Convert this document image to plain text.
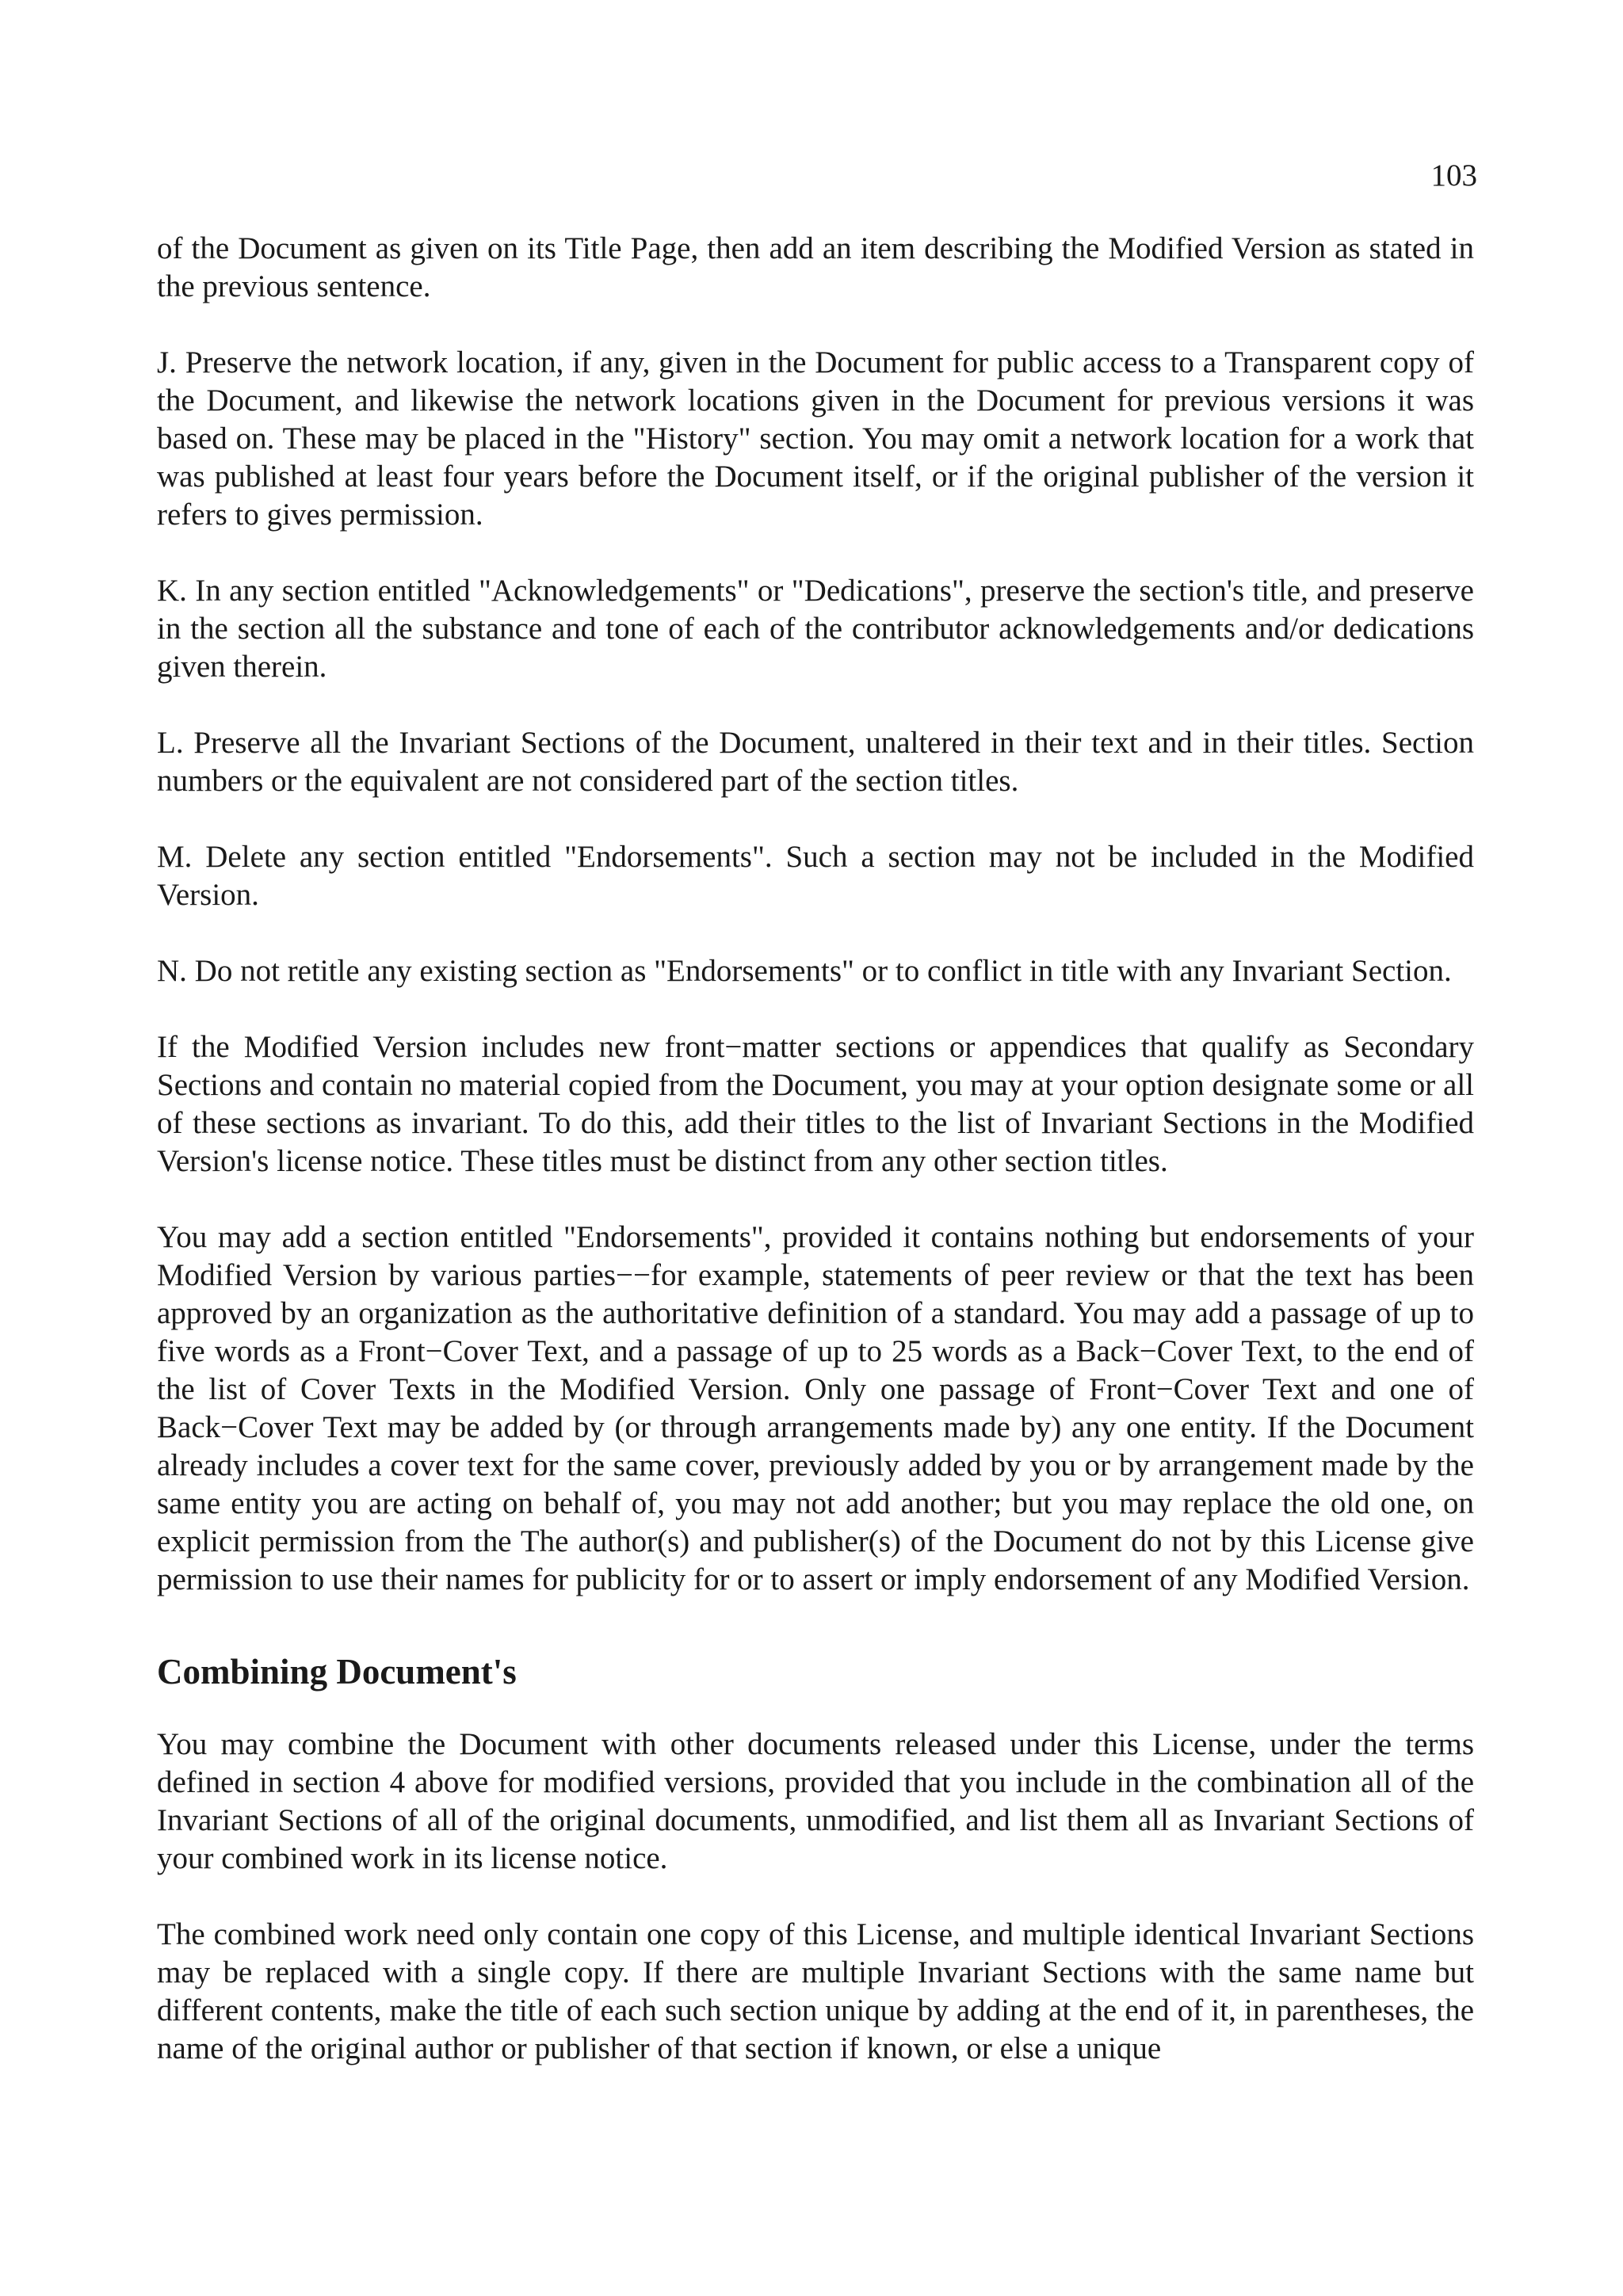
103

of the Document as given on its Title Page, then add an item describing the Modified Version as stated in the previous sentence.

J. Preserve the network location, if any, given in the Document for public access to a Transparent copy of the Document, and likewise the network locations given in the Document for previous versions it was based on. These may be placed in the "History" section. You may omit a network location for a work that was published at least four years before the Document itself, or if the original publisher of the version it refers to gives permission.

K. In any section entitled "Acknowledgements" or "Dedications", preserve the section's title, and preserve in the section all the substance and tone of each of the contributor acknowledgements and/or dedications given therein.

L. Preserve all the Invariant Sections of the Document, unaltered in their text and in their titles. Section numbers or the equivalent are not considered part of the section titles.

M. Delete any section entitled "Endorsements". Such a section may not be included in the Modified Version.

N. Do not retitle any existing section as "Endorsements" or to conflict in title with any Invariant Section.

If the Modified Version includes new front−matter sections or appendices that qualify as Secondary Sections and contain no material copied from the Document, you may at your option designate some or all of these sections as invariant. To do this, add their titles to the list of Invariant Sections in the Modified Version's license notice. These titles must be distinct from any other section titles.

You may add a section entitled "Endorsements", provided it contains nothing but endorsements of your Modified Version by various parties−−for example, statements of peer review or that the text has been approved by an organization as the authoritative definition of a standard. You may add a passage of up to five words as a Front−Cover Text, and a passage of up to 25 words as a Back−Cover Text, to the end of the list of Cover Texts in the Modified Version. Only one passage of Front−Cover Text and one of Back−Cover Text may be added by (or through arrangements made by) any one entity. If the Document already includes a cover text for the same cover, previously added by you or by arrangement made by the same entity you are acting on behalf of, you may not add another; but you may replace the old one, on explicit permission from the The author(s) and publisher(s) of the Document do not by this License give permission to use their names for publicity for or to assert or imply endorsement of any Modified Version.

Combining Document's

You may combine the Document with other documents released under this License, under the terms defined in section 4 above for modified versions, provided that you include in the combination all of the Invariant Sections of all of the original documents, unmodified, and list them all as Invariant Sections of your combined work in its license notice.

The combined work need only contain one copy of this License, and multiple identical Invariant Sections may be replaced with a single copy. If there are multiple Invariant Sections with the same name but different contents, make the title of each such section unique by adding at the end of it, in parentheses, the name of the original author or publisher of that section if known, or else a unique
